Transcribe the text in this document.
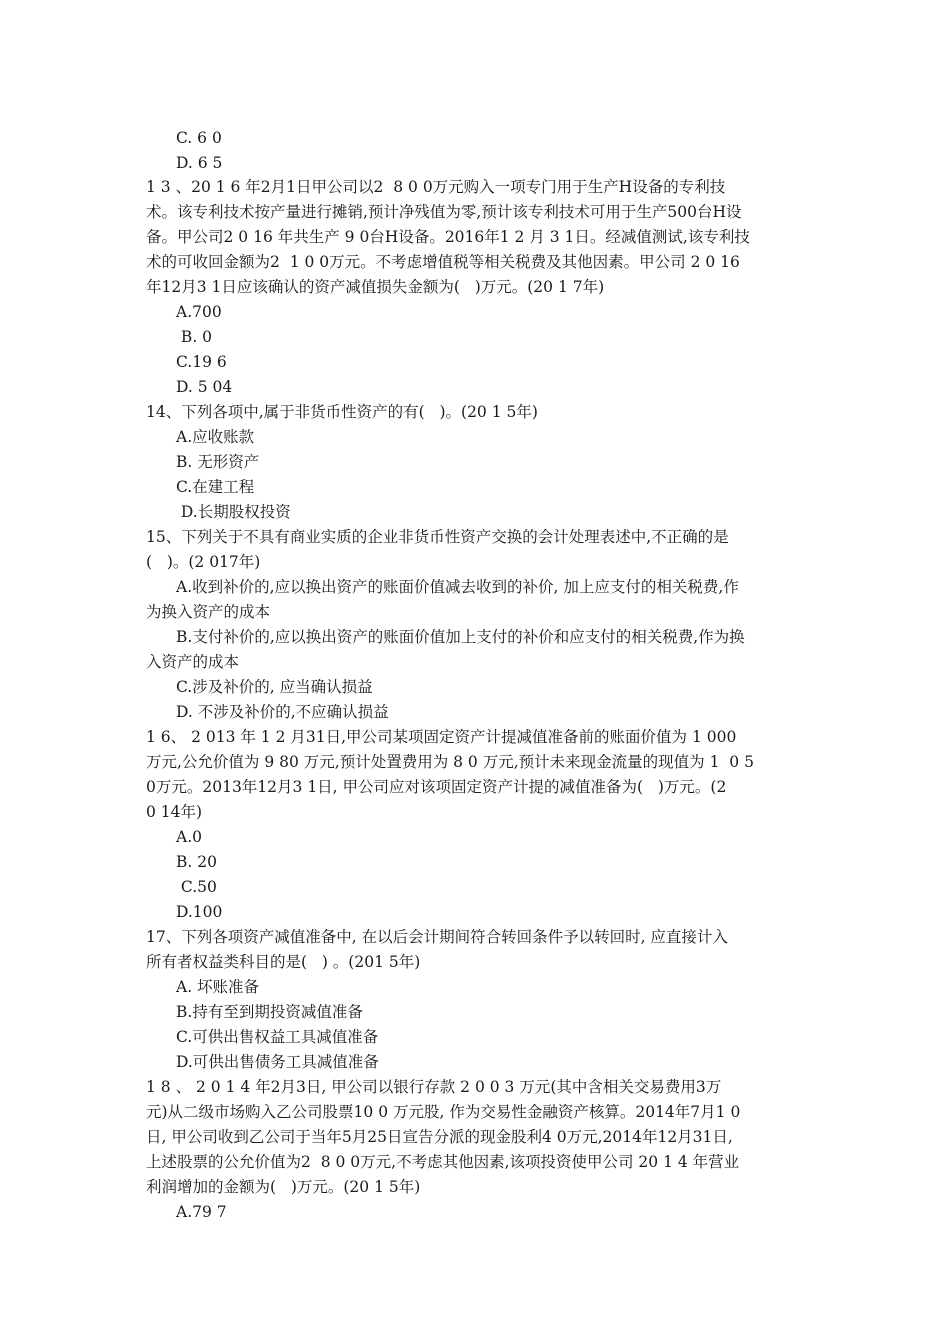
C. 6 0

D. 6 5

1 3 、20 1 6 年2月1日甲公司以2  8 0 0万元购入一项专门用于生产H设备的专利技

术。该专利技术按产量进行摊销,预计净残值为零,预计该专利技术可用于生产500台H设

备。甲公司2 0 16 年共生产 9 0台H设备。2016年1 2 月 3 1日。经减值测试,该专利技

术的可收回金额为2  1 0 0万元。不考虑增值税等相关税费及其他因素。甲公司 2 0 16

年12月3 1日应该确认的资产减值损失金额为(   )万元。(20 1 7年)

A.700

B. 0

C.19 6

D. 5 04

14、下列各项中,属于非货币性资产的有(   )。(20 1 5年)

A.应收账款

B. 无形资产

C.在建工程

D.长期股权投资

15、下列关于不具有商业实质的企业非货币性资产交换的会计处理表述中,不正确的是

(   )。(2 017年)

A.收到补价的,应以换出资产的账面价值减去收到的补价, 加上应支付的相关税费,作

为换入资产的成本

B.支付补价的,应以换出资产的账面价值加上支付的补价和应支付的相关税费,作为换

入资产的成本

C.涉及补价的, 应当确认损益

D. 不涉及补价的,不应确认损益

1 6、 2 013 年 1 2 月31日,甲公司某项固定资产计提减值准备前的账面价值为 1 000

万元,公允价值为 9 80 万元,预计处置费用为 8 0 万元,预计未来现金流量的现值为 1  0 5

0万元。2013年12月3 1日, 甲公司应对该项固定资产计提的减值准备为(   )万元。(2

0 14年)

A.0

B. 20

C.50

D.100

17、下列各项资产减值准备中, 在以后会计期间符合转回条件予以转回时, 应直接计入

所有者权益类科目的是(   ) 。(201 5年)

A. 坏账准备

B.持有至到期投资减值准备

C.可供出售权益工具减值准备

D.可供出售债务工具减值准备

1 8 、 2 0 1 4 年2月3日, 甲公司以银行存款 2 0 0 3 万元(其中含相关交易费用3万

元)从二级市场购入乙公司股票10 0 万元股, 作为交易性金融资产核算。2014年7月1 0

日, 甲公司收到乙公司于当年5月25日宣告分派的现金股利4 0万元,2014年12月31日,

上述股票的公允价值为2  8 0 0万元,不考虑其他因素,该项投资使甲公司 20 1 4 年营业

利润增加的金额为(   )万元。(20 1 5年)

A.79 7
